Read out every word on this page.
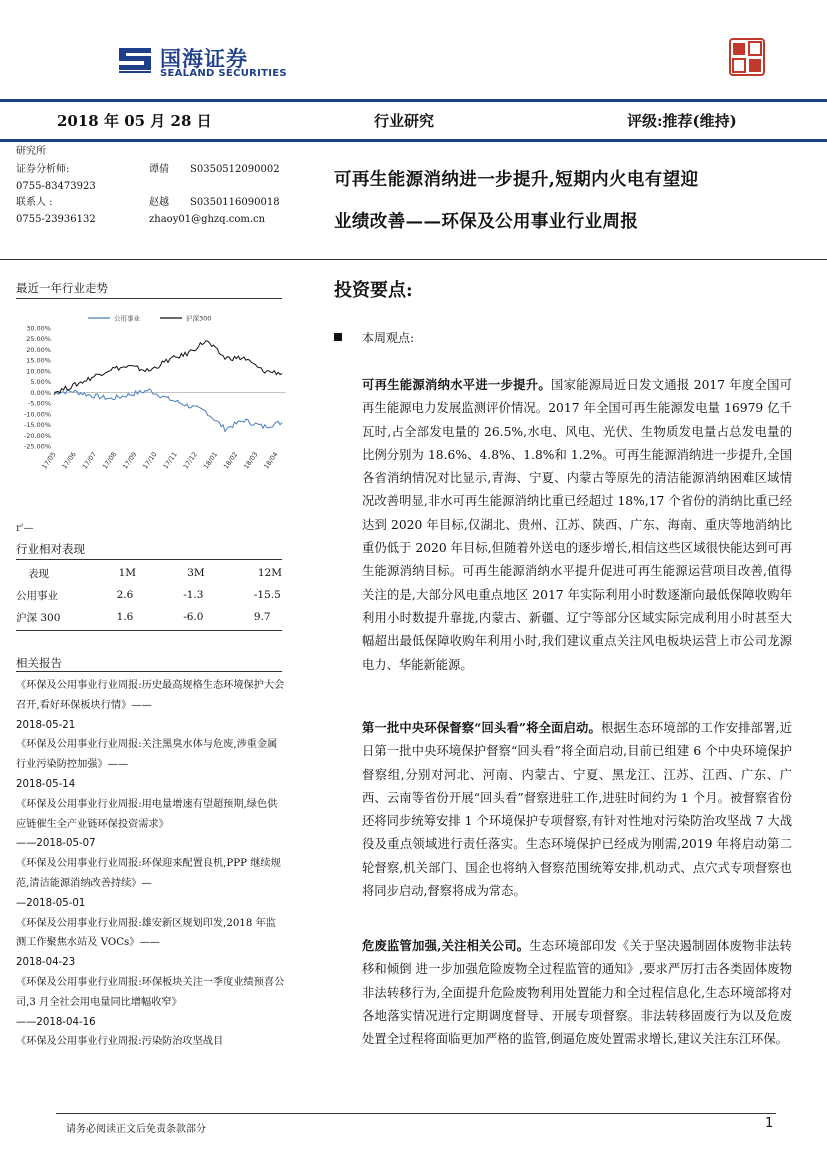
国海证券
SEALAND SECURITIES
2018 年 05 月 28 日	行业研究	评级:推荐(维持)
研究所
证券分析师:	谭倩 S0350512090002
0755-83473923
联系人 :	赵越 S0350116090018
0755-23936132	zhaoy01@ghzq.com.cn
可再生能源消纳进一步提升,短期内火电有望迎
业绩改善——环保及公用事业行业周报
最近一年行业走势
30.00%
25.00%
20.00%
15.00%
10.00%
5.00%
0.00%
-5.00%
-10.00%
-15.00%
-20.00%
-25.00%
17/05 17/06 17/07 17/08 17/09 17/10 17/11 17/12 18/01 18/02 18/03 18/04
公用事业	沪深300
r'—
行业相对表现
表现	1M	3M	12M
公用事业	2.6	-1.3	-15.5
沪深 300	1.6	-6.0	9.7
相关报告
《环保及公用事业行业周报:历史最高规格生态环境保护大会召开,看好环保板块行情》——
2018-05-21
《环保及公用事业行业周报:关注黑臭水体与危废,涉重金属行业污染防控加强》——
2018-05-14
《环保及公用事业行业周报:用电量增速有望超预期,绿色供应链催生全产业链环保投资需求》
——2018-05-07
《环保及公用事业行业周报:环保迎来配置良机,PPP 继续规范,清洁能源消纳改善持续》—
—2018-05-01
《环保及公用事业行业周报:雄安新区规划印发,2018 年监测工作聚焦水站及 VOCs》——
2018-04-23
《环保及公用事业行业周报:环保板块关注一季度业绩预喜公司,3 月全社会用电量同比增幅收窄》
——2018-04-16
《环保及公用事业行业周报:污染防治攻坚战目
投资要点:
本周观点:
可再生能源消纳水平进一步提升。国家能源局近日发文通报 2017 年度全国可再生能源电力发展监测评价情况。2017 年全国可再生能源发电量 16979 亿千瓦时,占全部发电量的 26.5%,水电、风电、光伏、生物质发电量占总发电量的比例分别为 18.6%、4.8%、1.8%和 1.2%。可再生能源消纳进一步提升,全国各省消纳情况对比显示,青海、宁夏、内蒙古等原先的清洁能源消纳困难区域情况改善明显,非水可再生能源消纳比重已经超过 18%,17 个省份的消纳比重已经达到 2020 年目标,仅湖北、贵州、江苏、陕西、广东、海南、重庆等地消纳比重仍低于 2020 年目标,但随着外送电的逐步增长,相信这些区域很快能达到可再生能源消纳目标。可再生能源消纳水平提升促进可再生能源运营项目改善,值得关注的是,大部分风电重点地区 2017 年实际利用小时数逐渐向最低保障收购年利用小时数提升靠拢,内蒙古、新疆、辽宁等部分区域实际完成利用小时甚至大幅超出最低保障收购年利用小时,我们建议重点关注风电板块运营上市公司龙源电力、华能新能源。
第一批中央环保督察“回头看”将全面启动。根据生态环境部的工作安排部署,近日第一批中央环境保护督察“回头看”将全面启动,目前已组建 6 个中央环境保护督察组,分别对河北、河南、内蒙古、宁夏、黑龙江、江苏、江西、广东、广西、云南等省份开展“回头看”督察进驻工作,进驻时间约为 1 个月。被督察省份还将同步统筹安排 1 个环境保护专项督察,有针对性地对污染防治攻坚战 7 大战役及重点领域进行责任落实。生态环境保护已经成为刚需,2019 年将启动第二轮督察,机关部门、国企也将纳入督察范围统筹安排,机动式、点穴式专项督察也将同步启动,督察将成为常态。
危废监管加强,关注相关公司。生态环境部印发《关于坚决遏制固体废物非法转移和倾倒 进一步加强危险废物全过程监管的通知》,要求严厉打击各类固体废物非法转移行为,全面提升危险废物利用处置能力和全过程信息化,生态环境部将对各地落实情况进行定期调度督导、开展专项督察。非法转移固废行为以及危废处置全过程将面临更加严格的监管,倒逼危废处置需求增长,建议关注东江环保。
请务必阅读正文后免责条款部分	1
